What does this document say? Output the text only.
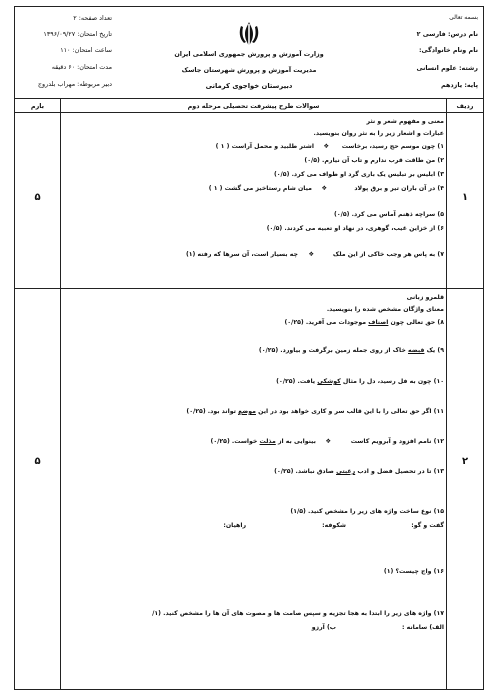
بسمه تعالی
نام درس: فارسی ۲
نام ونام خانوادگی:
رشته: علوم انسانی
پایه: یازدهم
وزارت آموزش و پرورش جمهوری اسلامی ایران
مدیریت آموزش و پرورش شهرستان جاسک
دبیرستان خواجوی کرمانی
تعداد صفحه: ۲
تاریخ امتحان: ۱۳۹۶/۰۹/۲۷
ساعت امتحان: ۱۱۰
مدت امتحان: ۶۰ دقیقه
دبیر مربوطه: مهراب بلدروج
ردیف
سوالات طرح پیشرفت تحصیلی مرحله دوم
بارم
۱
۵
معنی و مفهوم شعر و نثر
عبارات و اشعار زیر را به نثر روان بنویسید.
۱) چون موسم حج رسید، برخاست
❖
اشتر طلبید و محمل آراست ( ۱ )
۲) من طاقت قرب ندارم و تاب آن نیارم. (۰/۵)
۳) ابلیس بر تبلیس یک باری گرد او طواف می کرد. (۰/۵)
۴) در آن باران تیر و برق پولاد
❖
میان شام رستاخیز می گشت ( ۱ )
۵) سراچه ذهنم آماس می کرد. (۰/۵)
۶) از خزاین غیب، گوهری، در نهاد او تعبیه می کردند. (۰/۵)
۷) به پاس هر وجب خاکی از این ملک
❖
چه بسیار است، آن سرها که رفته (۱)
۲
۵
قلمرو زبانی
معنای واژگان مشخص شده را بنویسید.
۸) حق تعالی چون اصناف موجودات می آفرید. (۰/۲۵)
۹) یک قبضه خاک از روی جمله زمین برگرفت و بیاورد. (۰/۲۵)
۱۰) چون به فل رسید، دل را مثال کوشکی یافت. (۰/۲۵)
۱۱) اگر حق تعالی را با این قالب سر و کاری خواهد بود در این موضع تواند بود. (۰/۲۵)
۱۲) نامم افزود و آبرویم کاست
❖
بینوایی به از مذلت خواست. (۰/۲۵)
۱۳) تا در تحصیل فضل و ادب رغبتی صادق نباشد. (۰/۲۵)
۱۵) نوع ساخت واژه های زیر را مشخص کنید. (۱/۵)
گفت و گو:
شکوفه:
راهیان:
۱۶) واج چیست؟ (۱)
۱۷) واژه های زیر را ابتدا به هجا تجزیه و سپس صامت ها و مصوت های آن ها را مشخص کنید. (۱/
الف) سامانه :
ب) آرزو
